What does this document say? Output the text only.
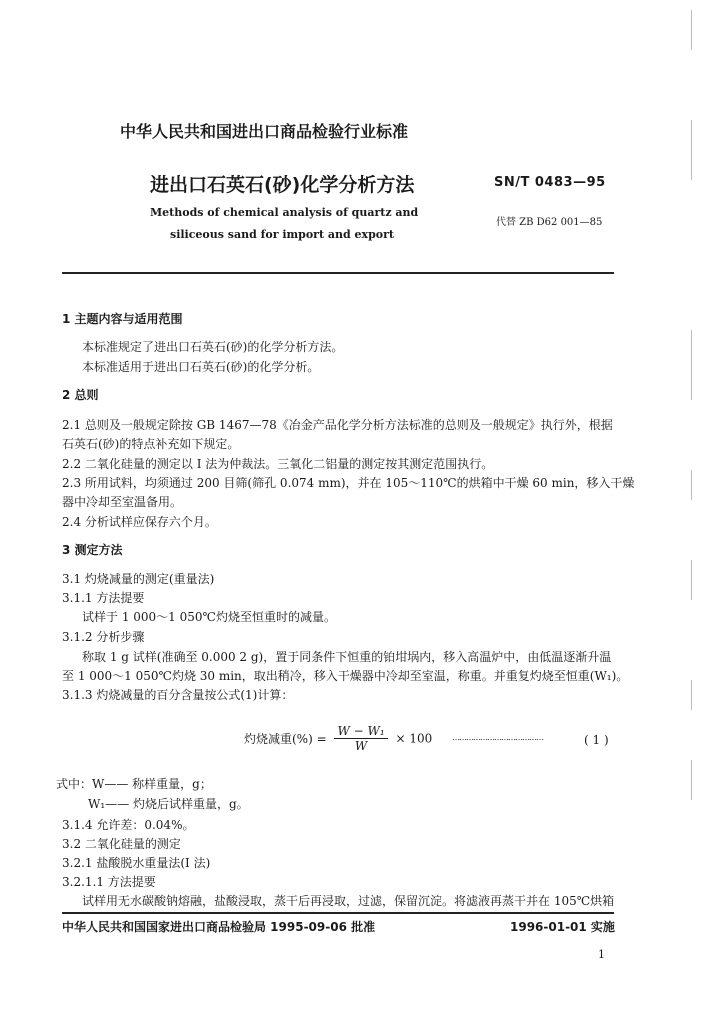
中华人民共和国进出口商品检验行业标准
进出口石英石(砂)化学分析方法	SN/T 0483—95
Methods of chemical analysis of quartz and
siliceous sand for import and export
代替 ZB D62 001—85
1 主题内容与适用范围
本标准规定了进出口石英石(砂)的化学分析方法。
本标准适用于进出口石英石(砂)的化学分析。
2 总则
2.1 总则及一般规定除按 GB 1467—78《冶金产品化学分析方法标准的总则及一般规定》执行外，根据
石英石(砂)的特点补充如下规定。
2.2 二氧化硅量的测定以 I 法为仲裁法。三氧化二铝量的测定按其测定范围执行。
2.3 所用试料，均须通过 200 目筛(筛孔 0.074 mm)，并在 105～110℃的烘箱中干燥 60 min，移入干燥
器中冷却至室温备用。
2.4 分析试样应保存六个月。
3 测定方法
3.1 灼烧减量的测定(重量法)
3.1.1 方法提要
试样于 1 000～1 050℃灼烧至恒重时的减量。
3.1.2 分析步骤
称取 1 g 试样(准确至 0.000 2 g)，置于同条件下恒重的铂坩埚内，移入高温炉中，由低温逐渐升温
至 1 000～1 050℃灼烧 30 min，取出稍冷，移入干燥器中冷却至室温，称重。并重复灼烧至恒重(W₁)。
3.1.3 灼烧减量的百分含量按公式(1)计算：
灼烧减重(%) = $\frac{\text{W − W₁}}{W} \times 100$ …………………………………	( 1 )
式中：W—— 称样重量，g；
W₁—— 灼烧后试样重量，g。
3.1.4 允许差：0.04%。
3.2 二氧化硅量的测定
3.2.1 盐酸脱水重量法(I 法)
3.2.1.1 方法提要
试样用无水碳酸钠熔融，盐酸浸取，蒸干后再浸取，过滤，保留沉淀。将滤液再蒸干并在 105℃烘箱
中华人民共和国国家进出口商品检验局 1995-09-06 批准	1996-01-01 实施
1
